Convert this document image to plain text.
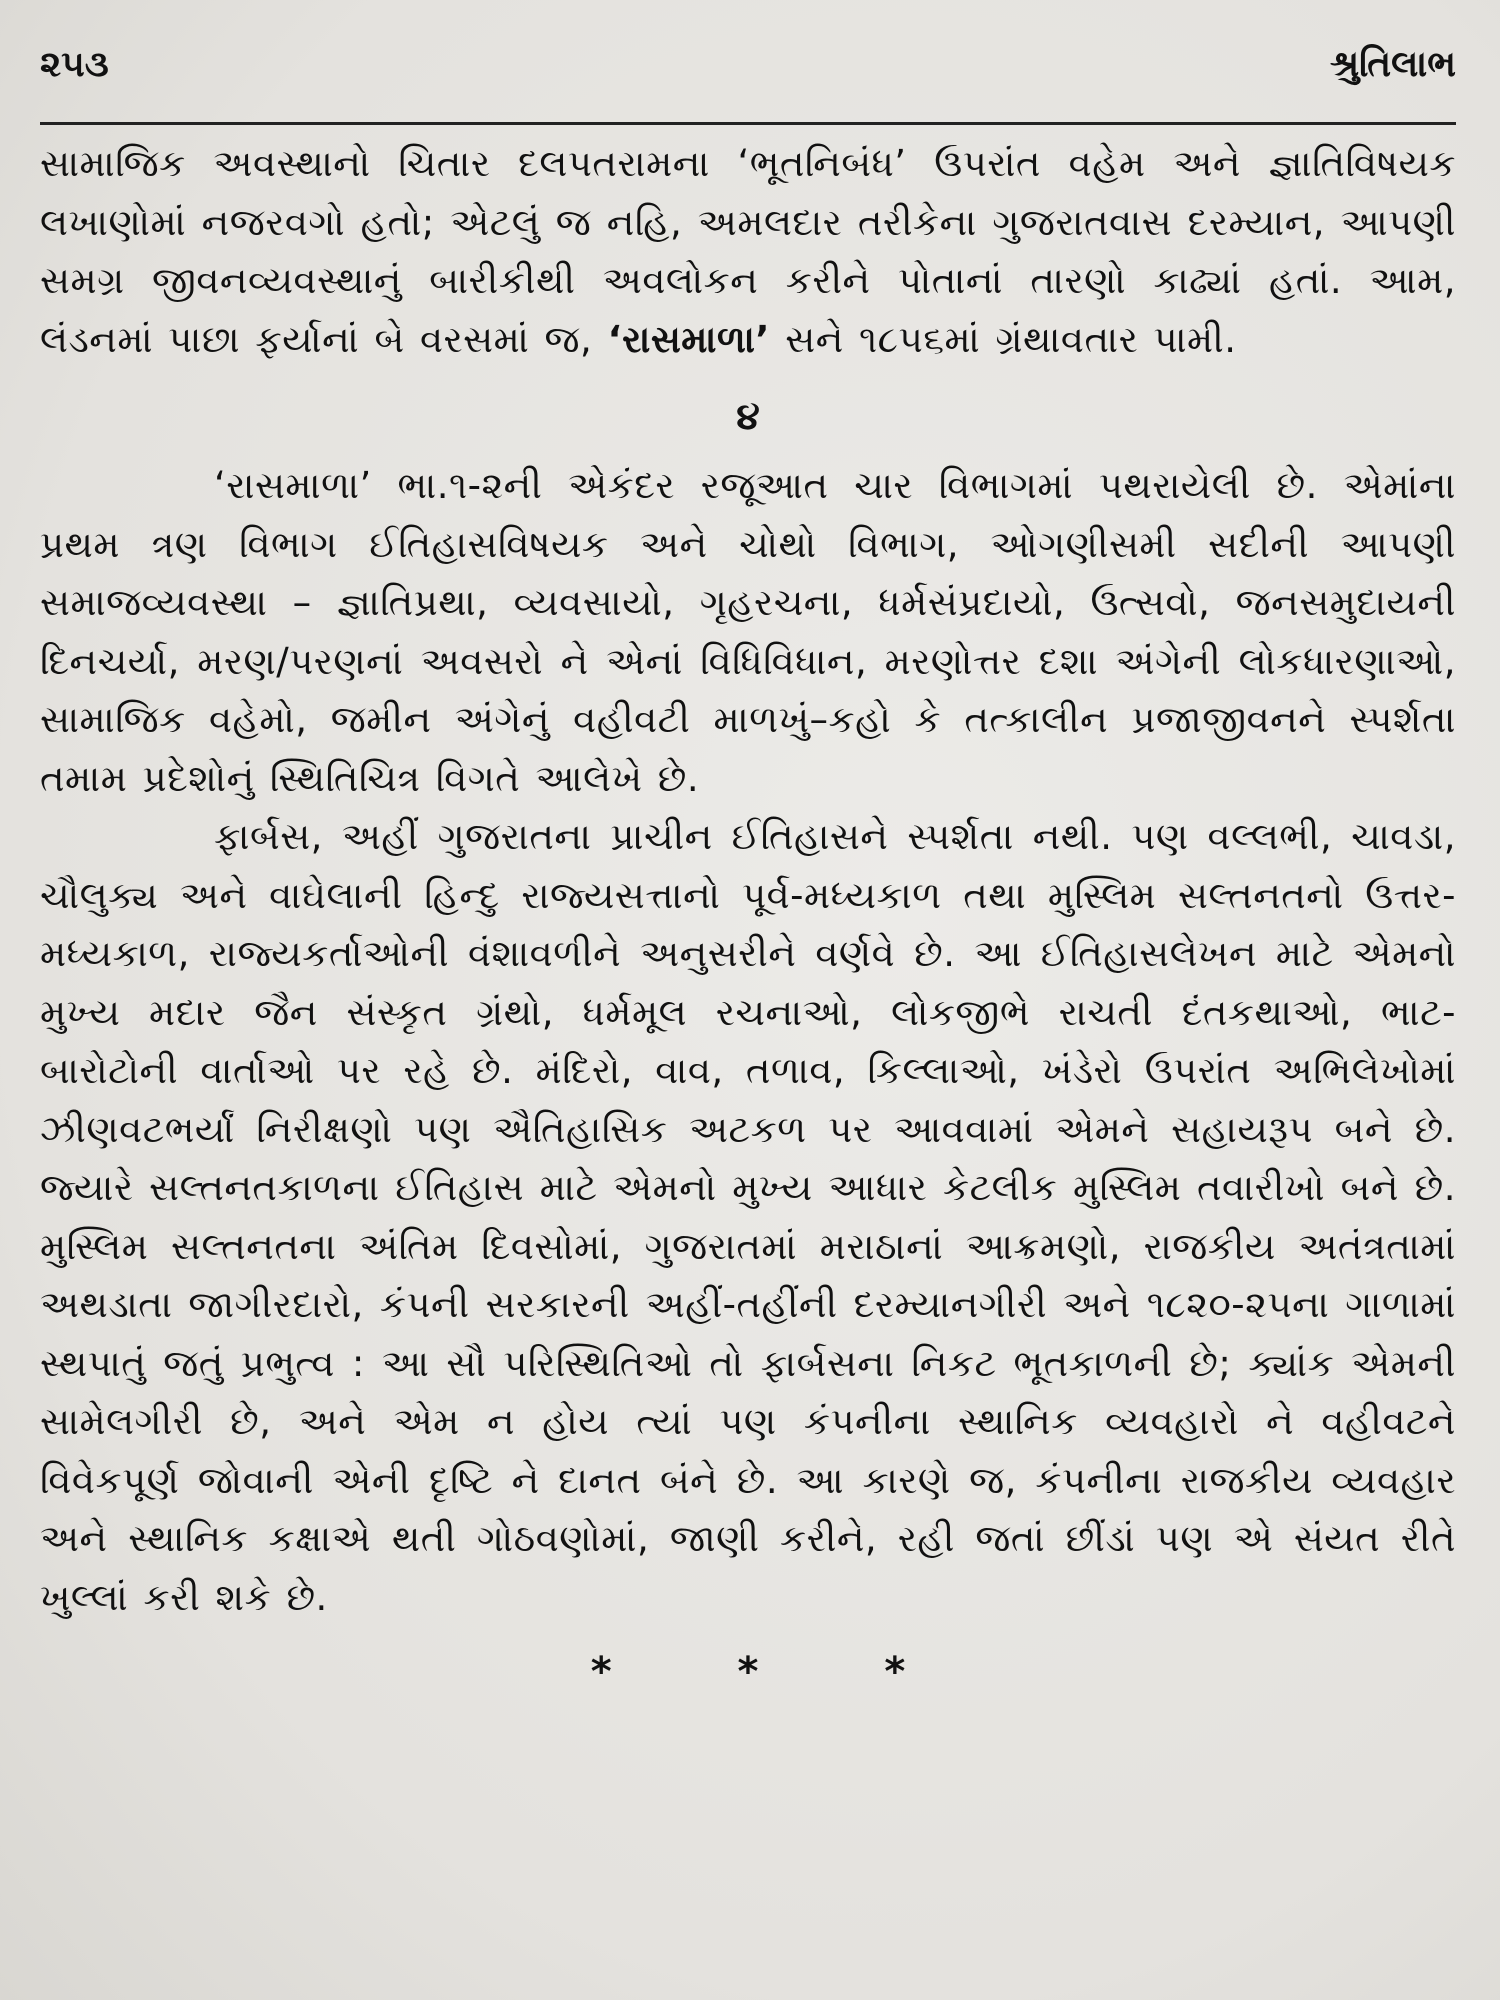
૨૫૩	શ્રુતિલાભ

સામાજિક અવસ્થાનો ચિતાર દલપતરામના ‘ભૂતનિબંધ’ ઉપરાંત વહેમ અને જ્ઞાતિવિષયક લખાણોમાં નજરવગો હતો; એટલું જ નહિ, અમલદાર તરીકેના ગુજરાતવાસ દરમ્યાન, આપણી સમગ્ર જીવનવ્યવસ્થાનું બારીકીથી અવલોકન કરીને પોતાનાં તારણો કાઢ્યાં હતાં. આમ, લંડનમાં પાછા ફર્યાનાં બે વરસમાં જ, ‘રાસમાળા’ સને ૧૮૫૬માં ગ્રંથાવતાર પામી.

૪

‘રાસમાળા’ ભા.૧-૨ની એકંદર રજૂઆત ચાર વિભાગમાં પથરાયેલી છે. એમાંના પ્રથમ ત્રણ વિભાગ ઈતિહાસવિષયક અને ચોથો વિભાગ, ઓગણીસમી સદીની આપણી સમાજવ્યવસ્થા – જ્ઞાતિપ્રથા, વ્યવસાયો, ગૃહરચના, ધર્મસંપ્રદાયો, ઉત્સવો, જનસમુદાયની દિનચર્યા, મરણ/પરણનાં અવસરો ને એનાં વિધિવિધાન, મરણોત્તર દશા અંગેની લોકધારણાઓ, સામાજિક વહેમો, જમીન અંગેનું વહીવટી માળખું–કહો કે તત્કાલીન પ્રજાજીવનને સ્પર્શતા તમામ પ્રદેશોનું સ્થિતિચિત્ર વિગતે આલેખે છે.

ફાર્બસ, અહીં ગુજરાતના પ્રાચીન ઈતિહાસને સ્પર્શતા નથી. પણ વલ્લભી, ચાવડા, ચૌલુક્ય અને વાઘેલાની હિન્દુ રાજ્યસત્તાનો પૂર્વ-મધ્યકાળ તથા મુસ્લિમ સલ્તનતનો ઉત્તર-મધ્યકાળ, રાજ્યકર્તાઓની વંશાવળીને અનુસરીને વર્ણવે છે. આ ઈતિહાસલેખન માટે એમનો મુખ્ય મદાર જૈન સંસ્કૃત ગ્રંથો, ધર્મમૂલ રચનાઓ, લોકજીભે રાચતી દંતકથાઓ, ભાટ-બારોટોની વાર્તાઓ પર રહે છે. મંદિરો, વાવ, તળાવ, કિલ્લાઓ, ખંડેરો ઉપરાંત અભિલેખોમાં ઝીણવટભર્યાં નિરીક્ષણો પણ ઐતિહાસિક અટકળ પર આવવામાં એમને સહાયરૂપ બને છે. જ્યારે સલ્તનતકાળના ઈતિહાસ માટે એમનો મુખ્ય આધાર કેટલીક મુસ્લિમ તવારીખો બને છે. મુસ્લિમ સલ્તનતના અંતિમ દિવસોમાં, ગુજરાતમાં મરાઠાનાં આક્રમણો, રાજકીય અતંત્રતામાં અથડાતા જાગીરદારો, કંપની સરકારની અહીં-તહીંની દરમ્યાનગીરી અને ૧૮૨૦-૨૫ના ગાળામાં સ્થપાતું જતું પ્રભુત્વ : આ સૌ પરિસ્થિતિઓ તો ફાર્બસના નિકટ ભૂતકાળની છે; ક્યાંક એમની સામેલગીરી છે, અને એમ ન હોય ત્યાં પણ કંપનીના સ્થાનિક વ્યવહારો ને વહીવટને વિવેકપૂર્ણ જોવાની એની દૃષ્ટિ ને દાનત બંને છે. આ કારણે જ, કંપનીના રાજકીય વ્યવહાર અને સ્થાનિક કક્ષાએ થતી ગોઠવણોમાં, જાણી કરીને, રહી જતાં છીંડાં પણ એ સંયત રીતે ખુલ્લાં કરી શકે છે.

* * *
